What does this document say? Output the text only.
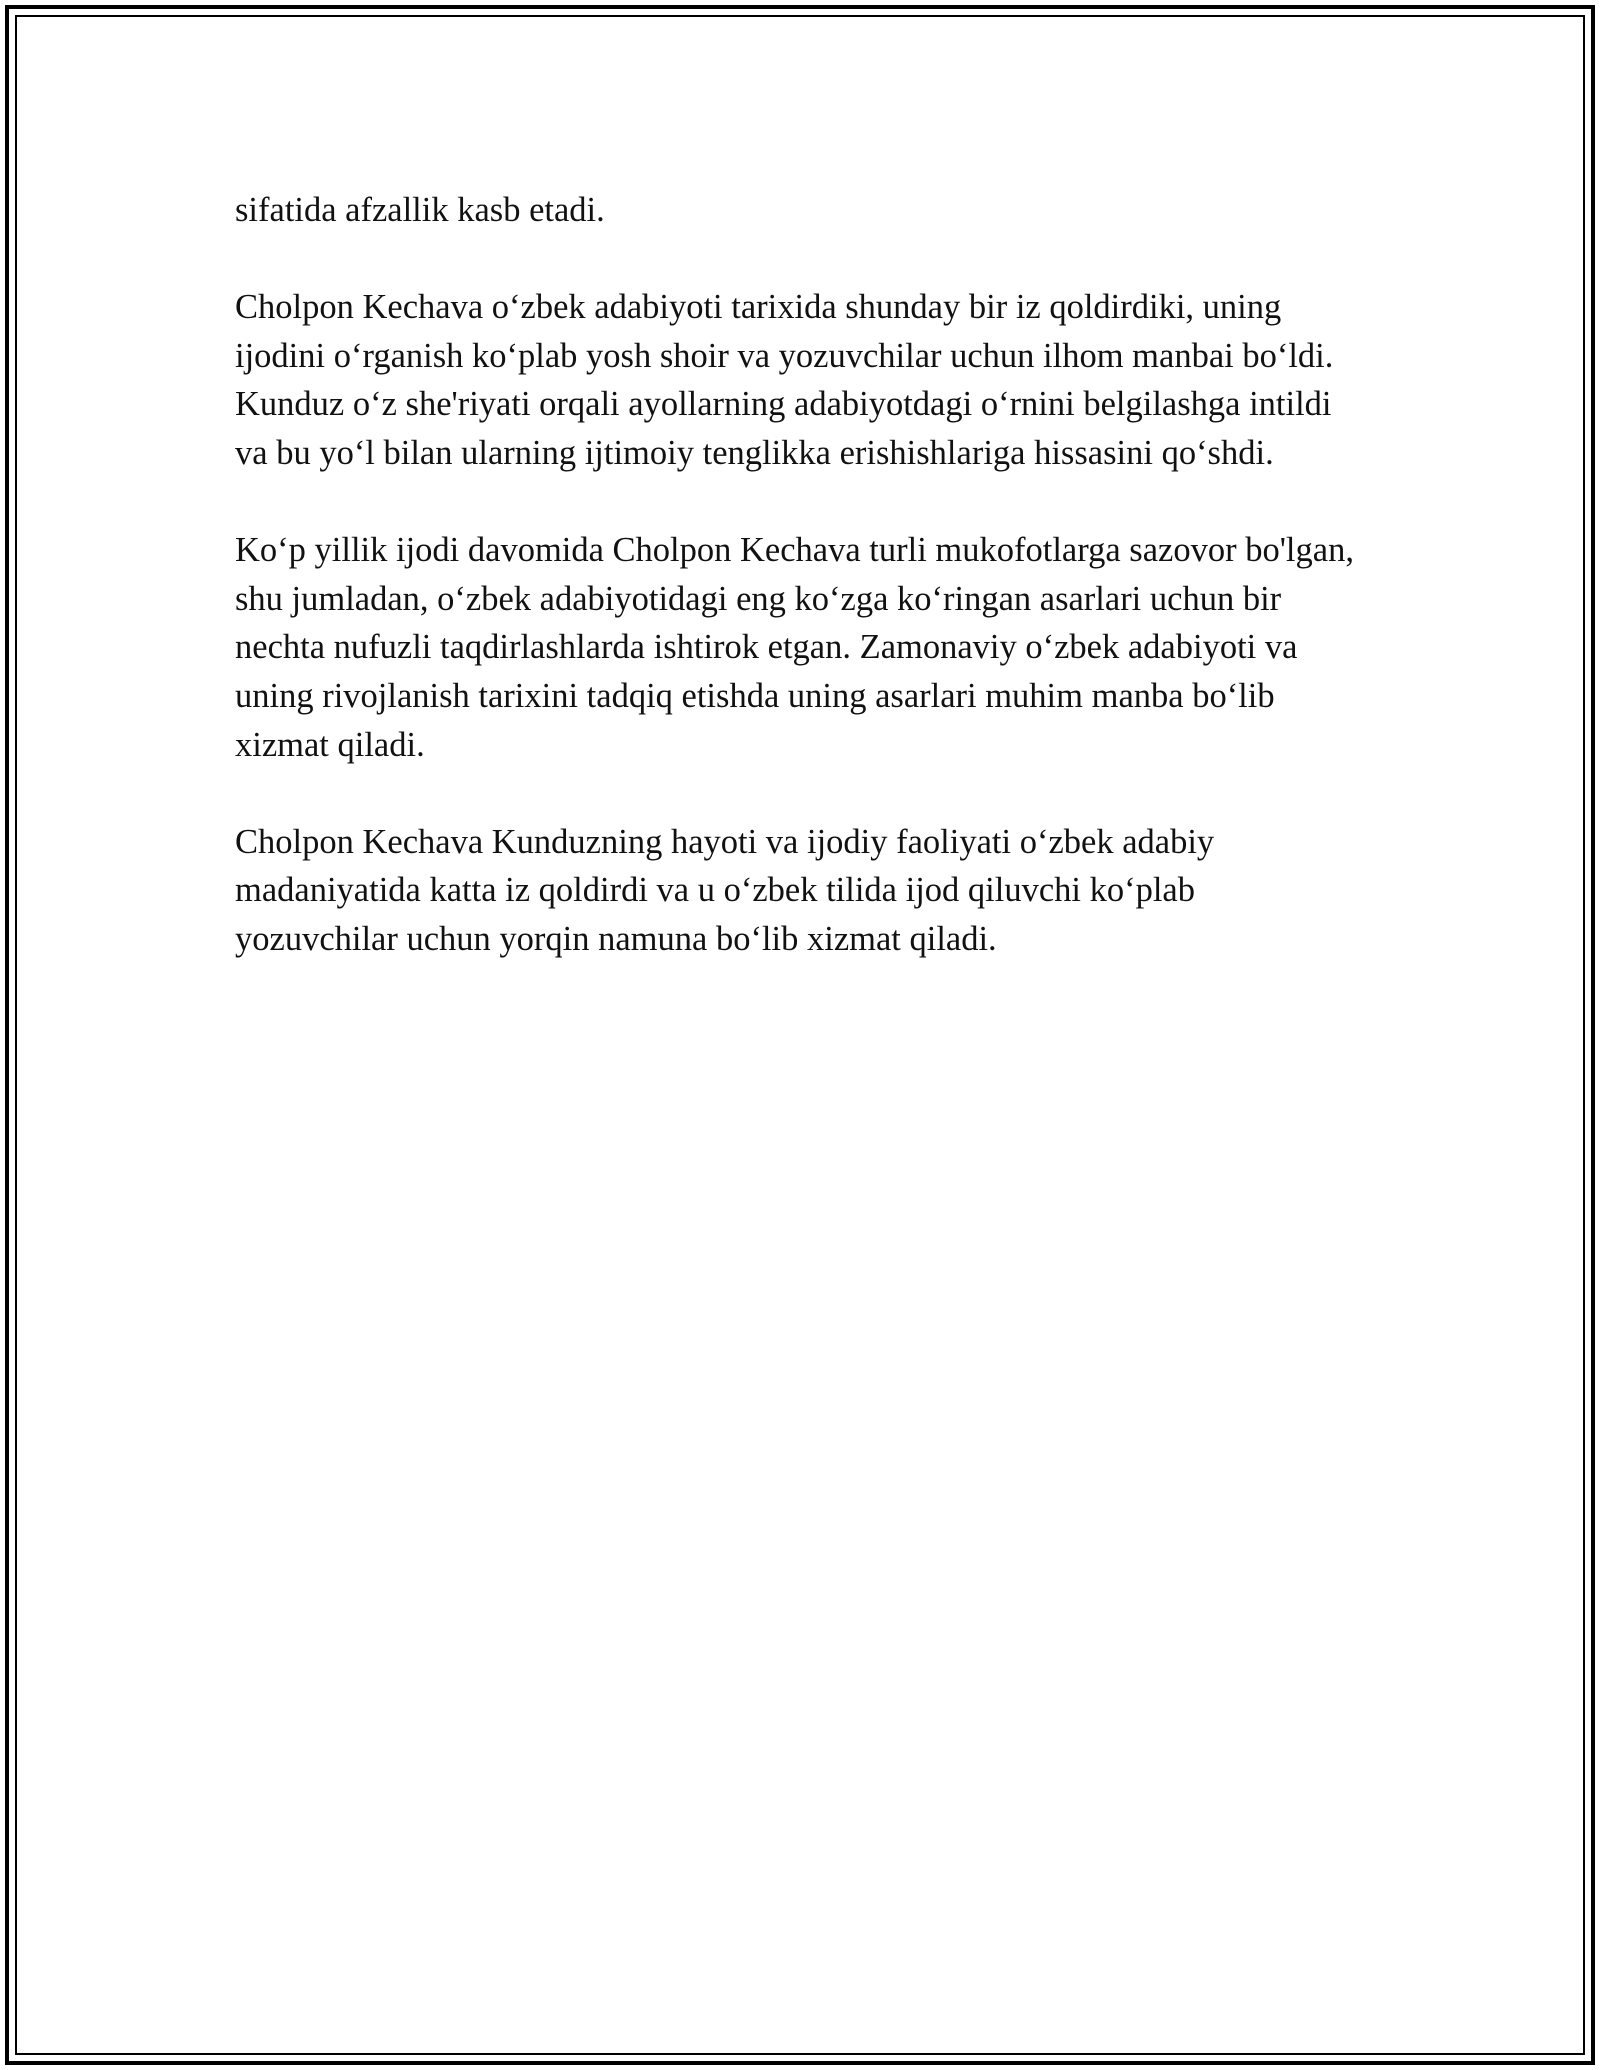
sifatida afzallik kasb etadi.

Cholpon Kechava o‘zbek adabiyoti tarixida shunday bir iz qoldirdiki, uning ijodini o‘rganish ko‘plab yosh shoir va yozuvchilar uchun ilhom manbai bo‘ldi. Kunduz o‘z she'riyati orqali ayollarning adabiyotdagi o‘rnini belgilashga intildi va bu yo‘l bilan ularning ijtimoiy tenglikka erishishlariga hissasini qo‘shdi.

Ko‘p yillik ijodi davomida Cholpon Kechava turli mukofotlarga sazovor bo'lgan, shu jumladan, o‘zbek adabiyotidagi eng ko‘zga ko‘ringan asarlari uchun bir nechta nufuzli taqdirlashlarda ishtirok etgan. Zamonaviy o‘zbek adabiyoti va uning rivojlanish tarixini tadqiq etishda uning asarlari muhim manba bo‘lib xizmat qiladi.

Cholpon Kechava Kunduzning hayoti va ijodiy faoliyati o‘zbek adabiy madaniyatida katta iz qoldirdi va u o‘zbek tilida ijod qiluvchi ko‘plab yozuvchilar uchun yorqin namuna bo‘lib xizmat qiladi.
